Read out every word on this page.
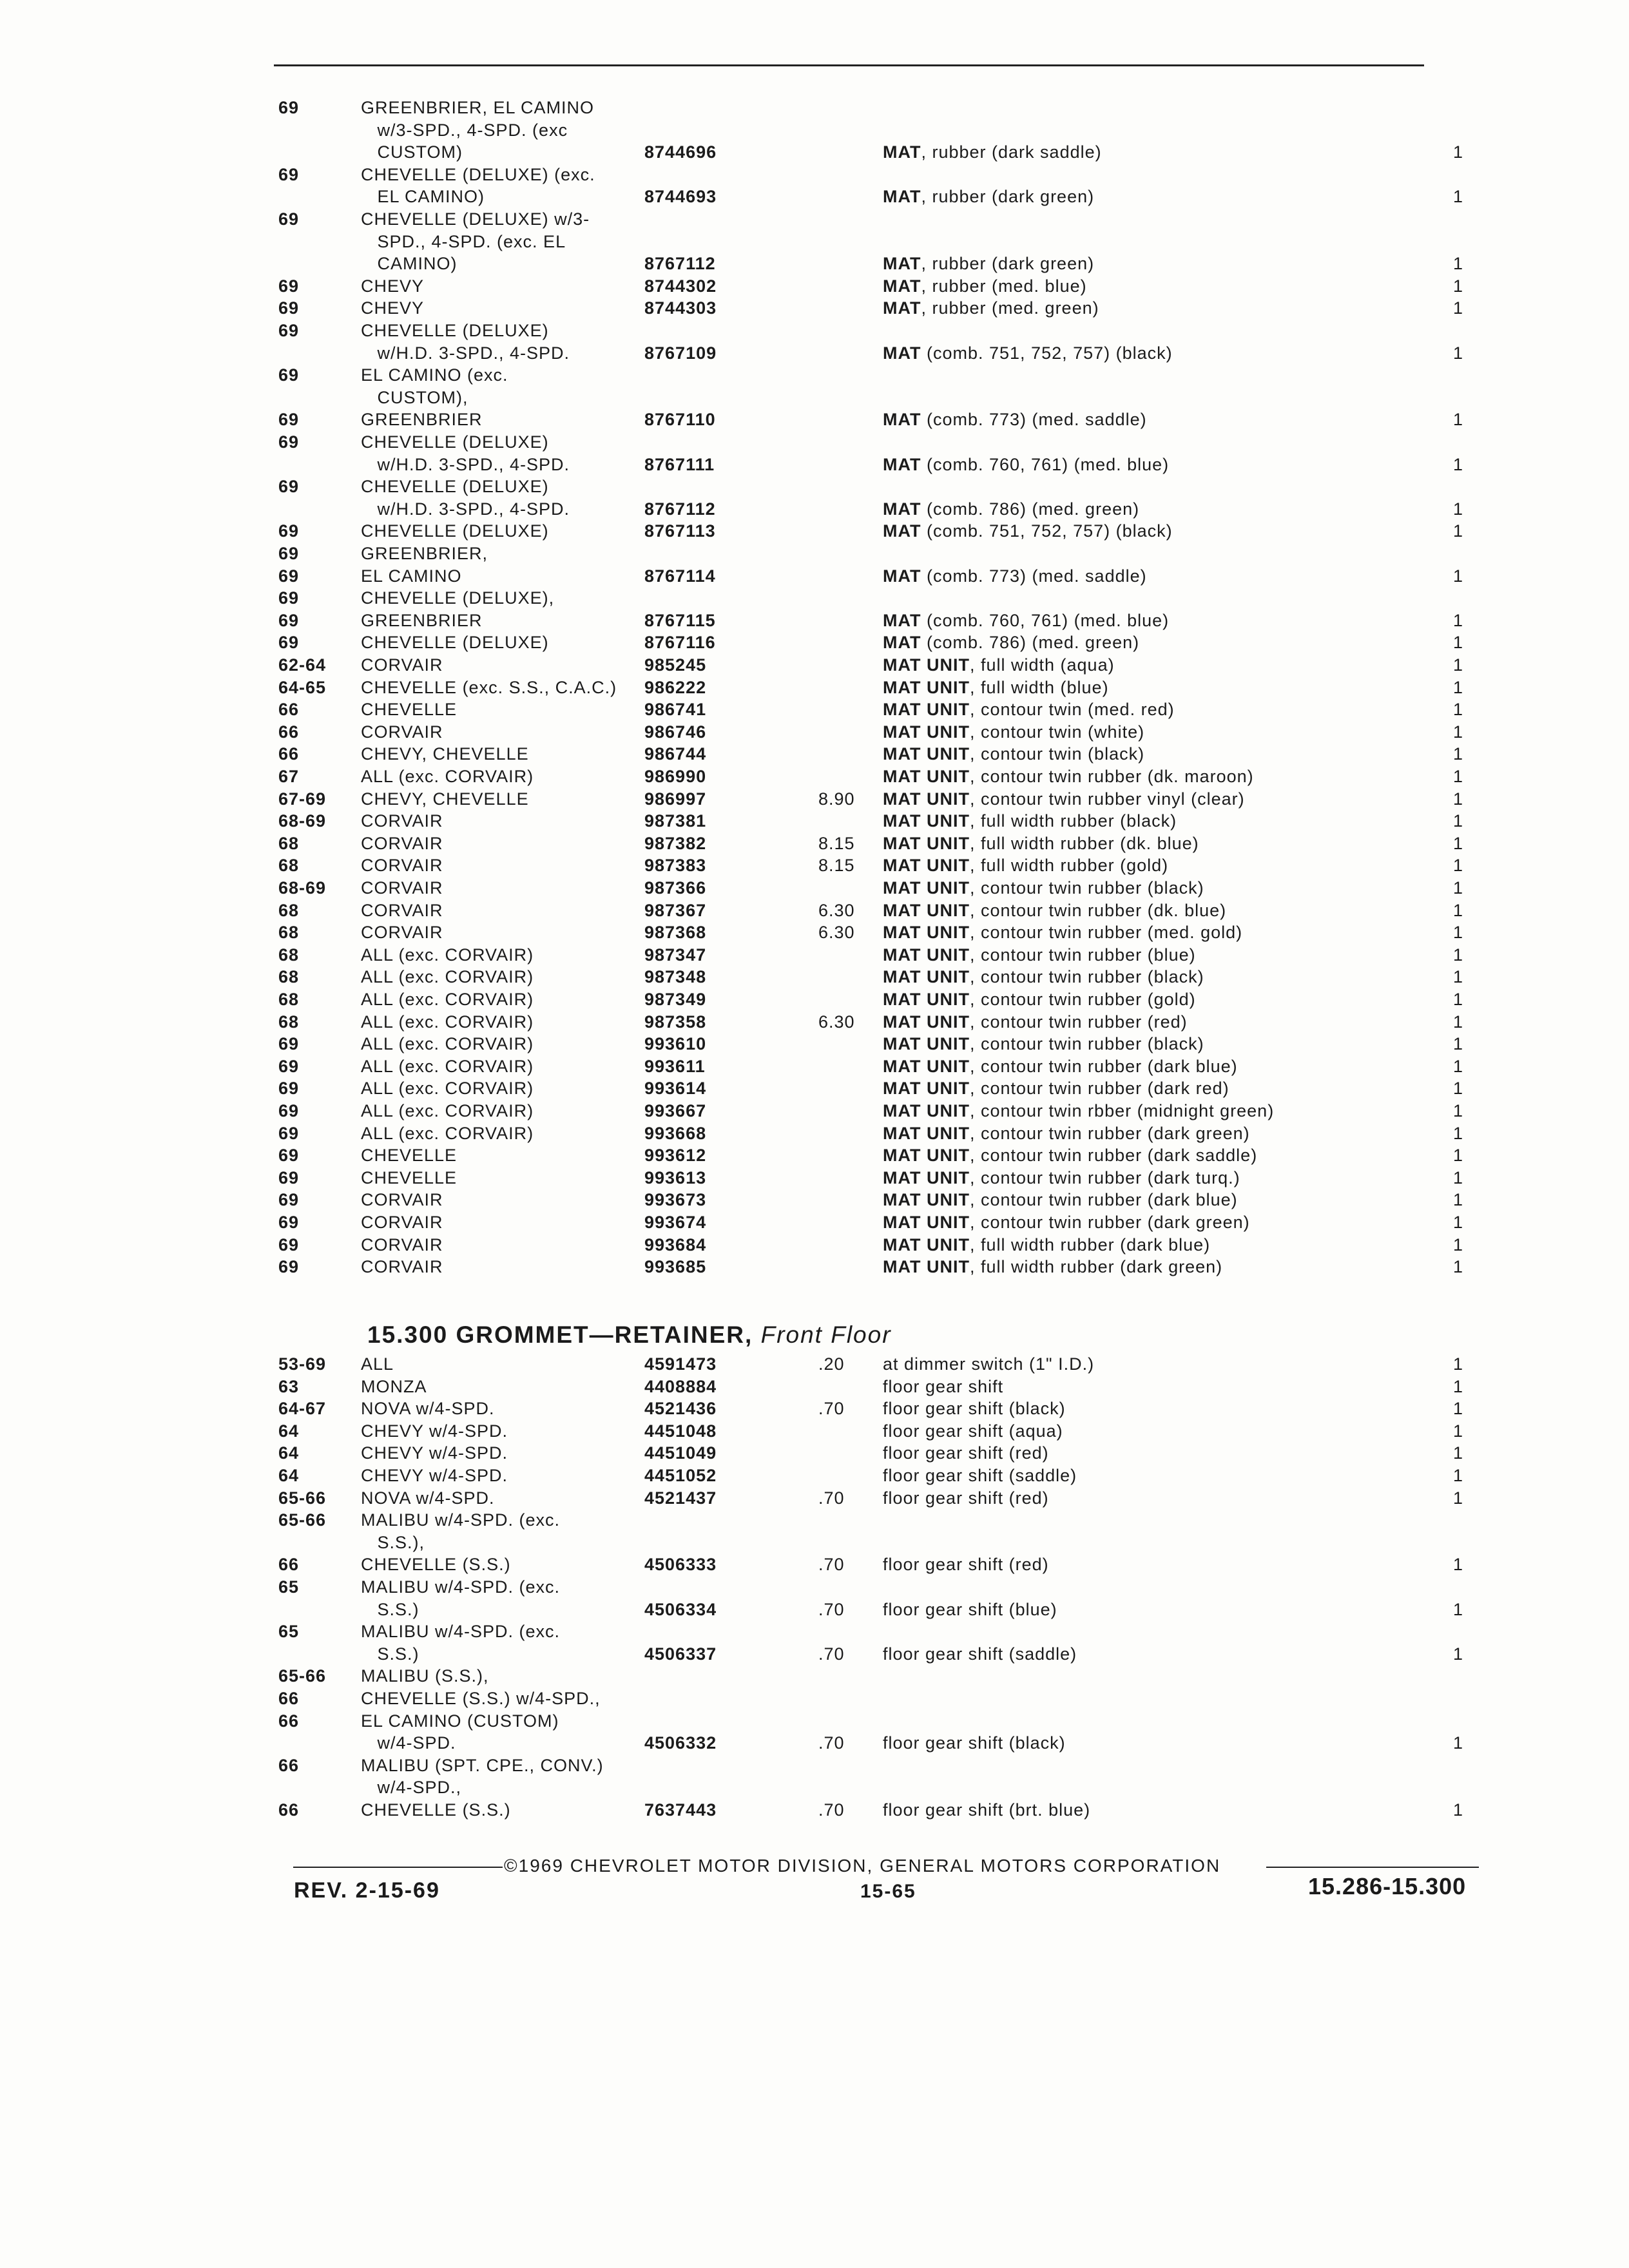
69	GREENBRIER, EL CAMINO
w/3-SPD., 4-SPD. (exc
CUSTOM)	8744696	MAT, rubber (dark saddle)	1
69	CHEVELLE (DELUXE) (exc.
EL CAMINO)	8744693	MAT, rubber (dark green)	1
69	CHEVELLE (DELUXE) w/3-
SPD., 4-SPD. (exc. EL
CAMINO)	8767112	MAT, rubber (dark green)	1
69	CHEVY	8744302	MAT, rubber (med. blue)	1
69	CHEVY	8744303	MAT, rubber (med. green)	1
69	CHEVELLE (DELUXE)
w/H.D. 3-SPD., 4-SPD.	8767109	MAT (comb. 751, 752, 757) (black)	1
69	EL CAMINO (exc.
CUSTOM),
69	GREENBRIER	8767110	MAT (comb. 773) (med. saddle)	1
69	CHEVELLE (DELUXE)
w/H.D. 3-SPD., 4-SPD.	8767111	MAT (comb. 760, 761) (med. blue)	1
69	CHEVELLE (DELUXE)
w/H.D. 3-SPD., 4-SPD.	8767112	MAT (comb. 786) (med. green)	1
69	CHEVELLE (DELUXE)	8767113	MAT (comb. 751, 752, 757) (black)	1
69	GREENBRIER,
69	EL CAMINO	8767114	MAT (comb. 773) (med. saddle)	1
69	CHEVELLE (DELUXE),
69	GREENBRIER	8767115	MAT (comb. 760, 761) (med. blue)	1
69	CHEVELLE (DELUXE)	8767116	MAT (comb. 786) (med. green)	1
62-64 CORVAIR	985245	MAT UNIT, full width (aqua)	1
64-65 CHEVELLE (exc. S.S., C.A.C.) 986222	MAT UNIT, full width (blue)	1
66	CHEVELLE	986741	MAT UNIT, contour twin (med. red)	1
66	CORVAIR	986746	MAT UNIT, contour twin (white)	1
66	CHEVY, CHEVELLE	986744	MAT UNIT, contour twin (black)	1
67	ALL (exc. CORVAIR)	986990	MAT UNIT, contour twin rubber (dk. maroon)	1
67-69 CHEVY, CHEVELLE	986997	8.90 MAT UNIT, contour twin rubber vinyl (clear)	1
68-69 CORVAIR	987381	MAT UNIT, full width rubber (black)	1
68	CORVAIR	987382	8.15 MAT UNIT, full width rubber (dk. blue)	1
68	CORVAIR	987383	8.15 MAT UNIT, full width rubber (gold)	1
68-69 CORVAIR	987366	MAT UNIT, contour twin rubber (black)	1
68	CORVAIR	987367	6.30 MAT UNIT, contour twin rubber (dk. blue)	1
68	CORVAIR	987368	6.30 MAT UNIT, contour twin rubber (med. gold)	1
68	ALL (exc. CORVAIR)	987347	MAT UNIT, contour twin rubber (blue)	1
68	ALL (exc. CORVAIR)	987348	MAT UNIT, contour twin rubber (black)	1
68	ALL (exc. CORVAIR)	987349	MAT UNIT, contour twin rubber (gold)	1
68	ALL (exc. CORVAIR)	987358	6.30 MAT UNIT, contour twin rubber (red)	1
69	ALL (exc. CORVAIR)	993610	MAT UNIT, contour twin rubber (black)	1
69	ALL (exc. CORVAIR)	993611	MAT UNIT, contour twin rubber (dark blue)	1
69	ALL (exc. CORVAIR)	993614	MAT UNIT, contour twin rubber (dark red)	1
69	ALL (exc. CORVAIR)	993667	MAT UNIT, contour twin rbber (midnight green)	1
69	ALL (exc. CORVAIR)	993668	MAT UNIT, contour twin rubber (dark green)	1
69	CHEVELLE	993612	MAT UNIT, contour twin rubber (dark saddle)	1
69	CHEVELLE	993613	MAT UNIT, contour twin rubber (dark turq.)	1
69	CORVAIR	993673	MAT UNIT, contour twin rubber (dark blue)	1
69	CORVAIR	993674	MAT UNIT, contour twin rubber (dark green)	1
69	CORVAIR	993684	MAT UNIT, full width rubber (dark blue)	1
69	CORVAIR	993685	MAT UNIT, full width rubber (dark green)	1
15.300 GROMMET—RETAINER, Front Floor
53-69 ALL	4591473	.20 at dimmer switch (1" I.D.)	1
63	MONZA	4408884	floor gear shift	1
64-67 NOVA w/4-SPD.	4521436	.70 floor gear shift (black)	1
64	CHEVY w/4-SPD.	4451048	floor gear shift (aqua)	1
64	CHEVY w/4-SPD.	4451049	floor gear shift (red)	1
64	CHEVY w/4-SPD.	4451052	floor gear shift (saddle)	1
65-66 NOVA w/4-SPD.	4521437	.70 floor gear shift (red)	1
65-66 MALIBU w/4-SPD. (exc.
S.S.),
66	CHEVELLE (S.S.)	4506333	.70 floor gear shift (red)	1
65	MALIBU w/4-SPD. (exc.
S.S.)	4506334	.70 floor gear shift (blue)	1
65	MALIBU w/4-SPD. (exc.
S.S.)	4506337	.70 floor gear shift (saddle)	1
65-66 MALIBU (S.S.),
66	CHEVELLE (S.S.) w/4-SPD.,
66	EL CAMINO (CUSTOM)
w/4-SPD.	4506332	.70 floor gear shift (black)	1
66	MALIBU (SPT. CPE., CONV.)
w/4-SPD.,
66	CHEVELLE (S.S.)	7637443	.70 floor gear shift (brt. blue)	1
©1969 CHEVROLET MOTOR DIVISION, GENERAL MOTORS CORPORATION
REV. 2-15-69	15-65	15.286-15.300
